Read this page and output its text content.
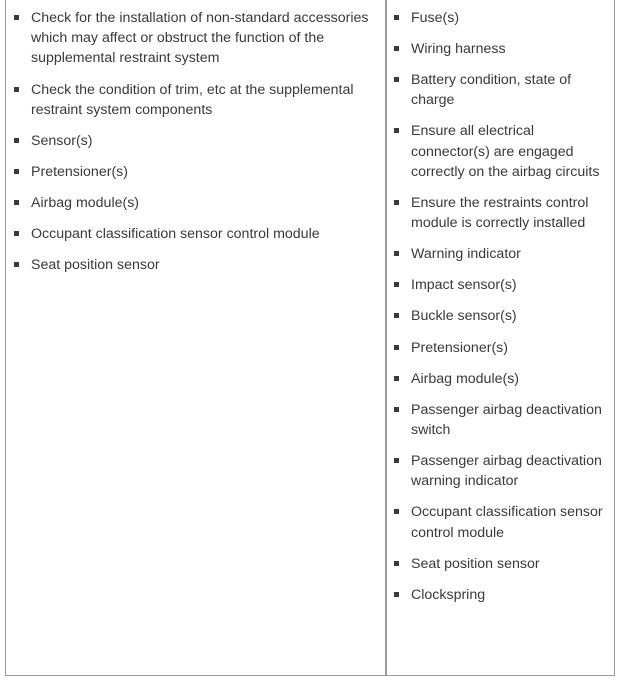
Check for the installation of non-standard accessories which may affect or obstruct the function of the supplemental restraint system
Check the condition of trim, etc at the supplemental restraint system components
Sensor(s)
Pretensioner(s)
Airbag module(s)
Occupant classification sensor control module
Seat position sensor
Fuse(s)
Wiring harness
Battery condition, state of charge
Ensure all electrical connector(s) are engaged correctly on the airbag circuits
Ensure the restraints control module is correctly installed
Warning indicator
Impact sensor(s)
Buckle sensor(s)
Pretensioner(s)
Airbag module(s)
Passenger airbag deactivation switch
Passenger airbag deactivation warning indicator
Occupant classification sensor control module
Seat position sensor
Clockspring
